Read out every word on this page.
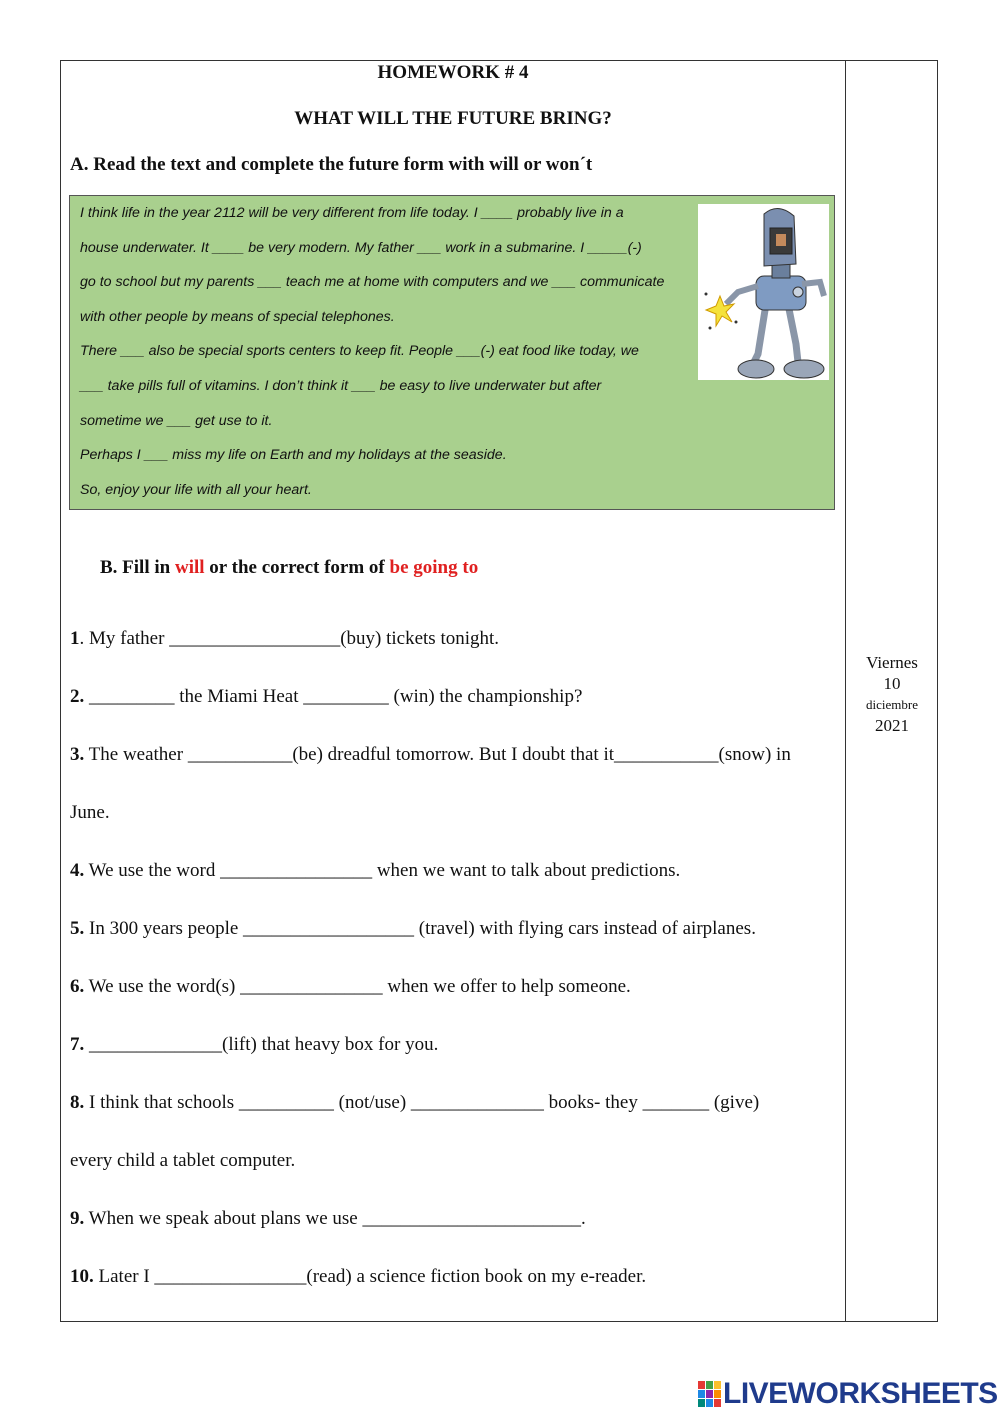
HOMEWORK # 4
WHAT WILL THE FUTURE BRING?
A. Read the text and complete the future form with will or won´t

I think life in the year 2112 will be very different from life today. I ____ probably live in a

house underwater. It ____ be very modern. My father ___ work in a submarine. I _____(-)

go to school but my parents ___ teach me at home with computers and we ___ communicate

with other people by means of special telephones.

There ___ also be special sports centers to keep fit. People ___(-) eat food like today, we

___ take pills full of vitamins. I don’t think it ___ be easy to live underwater but after

sometime we ___ get use to it.

Perhaps I ___ miss my life on Earth and my holidays at the seaside.

So, enjoy your life with all your heart.

B. Fill in will or the correct form of be going to
1. My father __________________(buy) tickets tonight.
2. _________ the Miami Heat _________ (win) the championship?
3. The weather ___________(be) dreadful tomorrow. But I doubt that it___________(snow) in
June.
4. We use the word ________________ when we want to talk about predictions.
5. In 300 years people __________________ (travel) with flying cars instead of airplanes.
6. We use the word(s) _______________ when we offer to help someone.
7. ______________(lift) that heavy box for you.
8. I think that schools __________ (not/use) ______________ books- they _______ (give)
every child a tablet computer.
9. When we speak about plans we use _______________________.
10. Later I ________________(read) a science fiction book on my e-reader.
Viernes
10
diciembre
2021
LIVEWORKSHEETS
